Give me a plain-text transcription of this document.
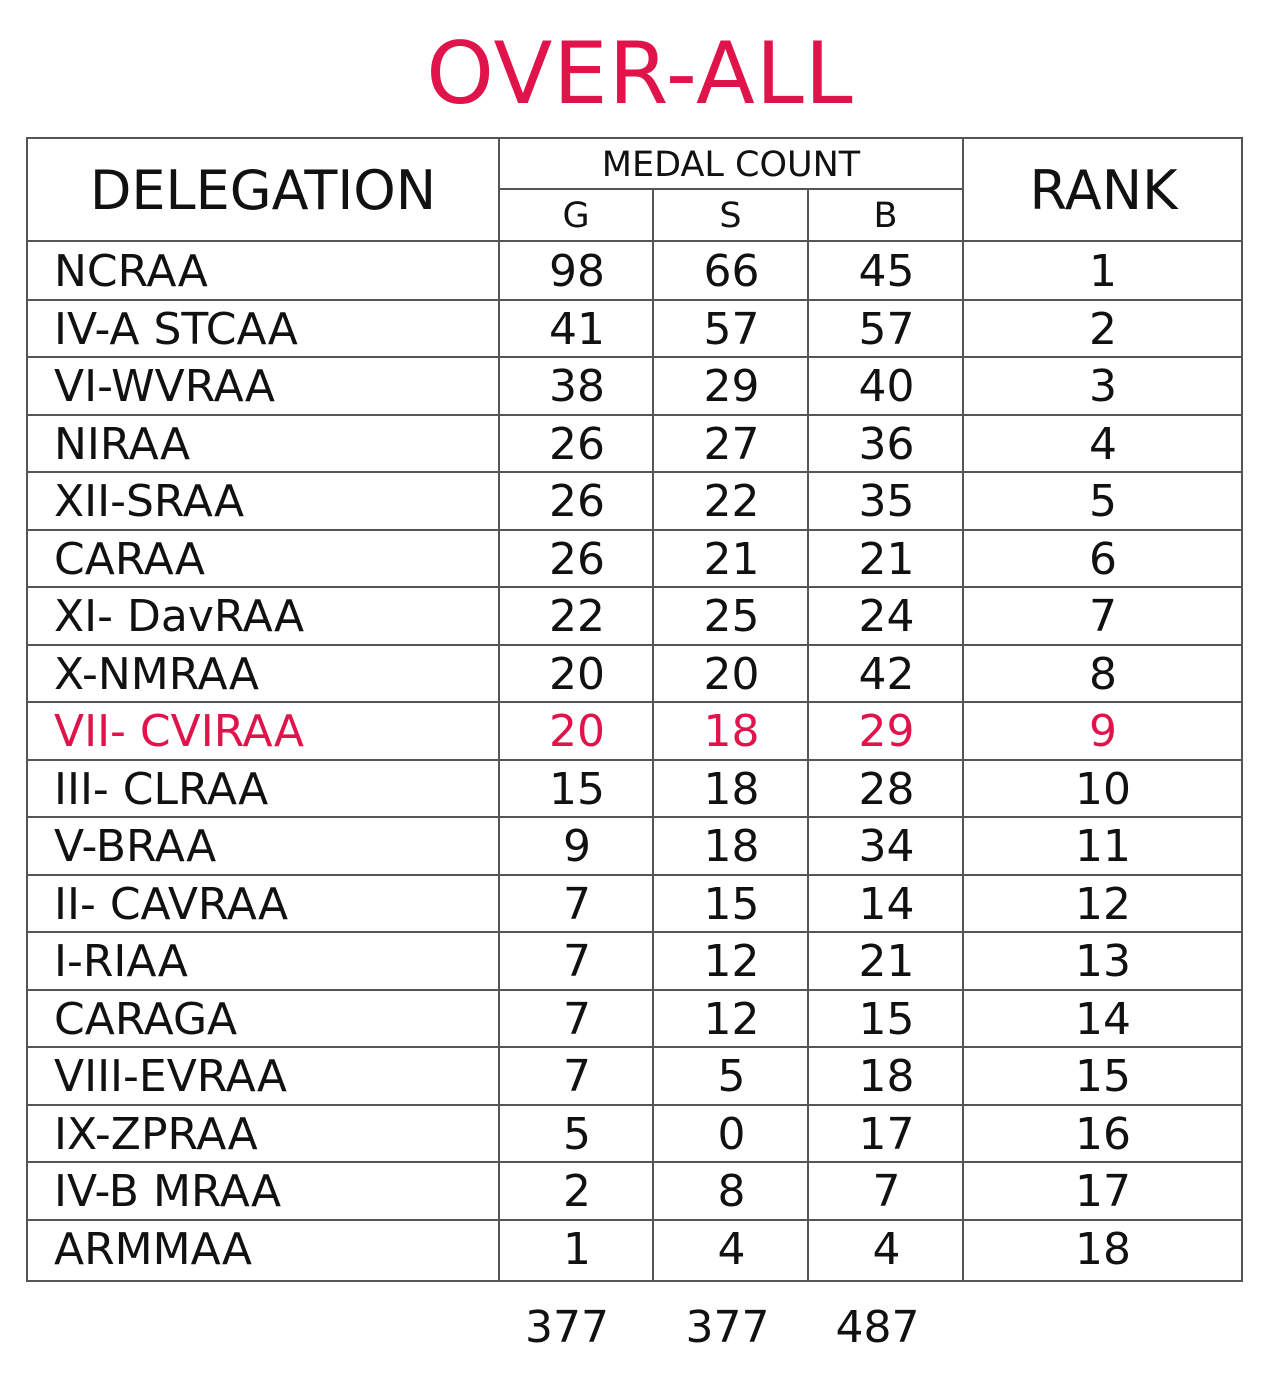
OVER-ALL
DELEGATION	MEDAL COUNT
G	S	B	RANK
NCRAA	98	66	45	1
IV-A STCAA	41	57	57	2
VI-WVRAA	38	29	40	3
NIRAA	26	27	36	4
XII-SRAA	26	22	35	5
CARAA	26	21	21	6
XI- DavRAA	22	25	24	7
X-NMRAA	20	20	42	8
VII- CVIRAA	20	18	29	9
III- CLRAA	15	18	28	10
V-BRAA	9	18	34	11
II- CAVRAA	7	15	14	12
I-RIAA	7	12	21	13
CARAGA	7	12	15	14
VIII-EVRAA	7	5	18	15
IX-ZPRAA	5	0	17	16
IV-B MRAA	2	8	7	17
ARMMAA	1	4	4	18
377	377	487
